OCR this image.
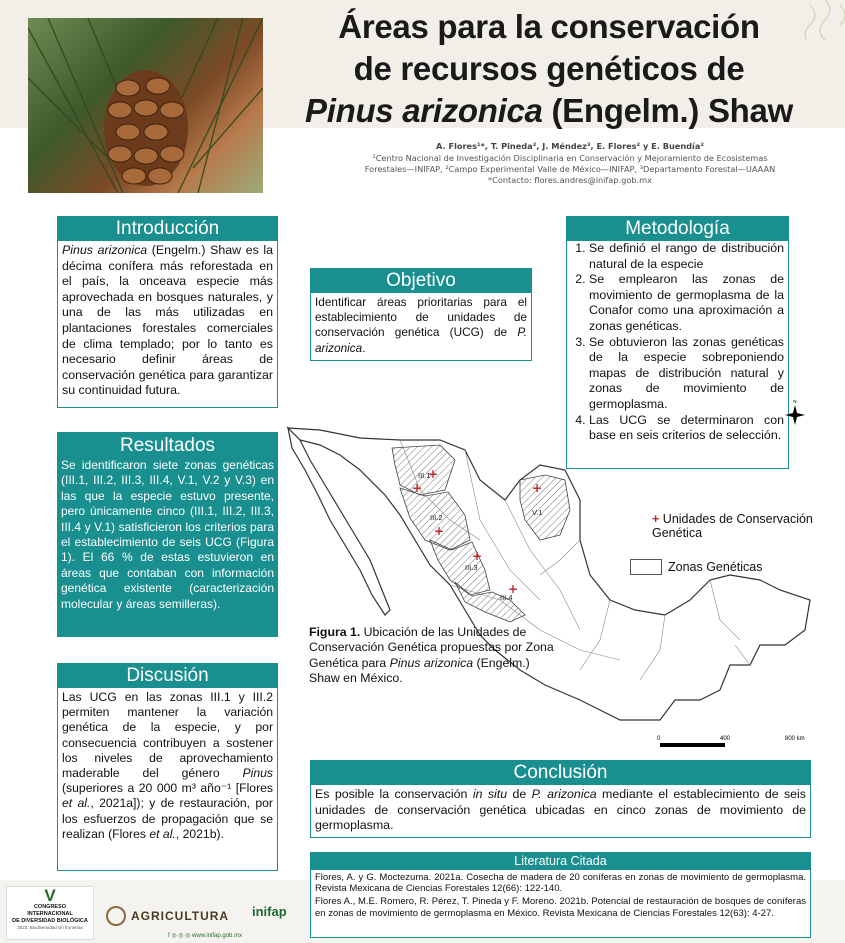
Áreas para la conservación
de recursos genéticos de
Pinus arizonica (Engelm.) Shaw
A. Flores¹*, T. Pineda², J. Méndez³, E. Flores² y E. Buendía²
¹Centro Nacional de Investigación Disciplinaria en Conservación y Mejoramiento de Ecosistemas
Forestales—INIFAP, ²Campo Experimental Valle de México—INIFAP, ³Departamento Forestal—UAAAN
*Contacto: flores.andres@inifap.gob.mx
Introducción
Pinus arizonica (Engelm.) Shaw es la décima conífera más reforestada en el país, la onceava especie más aprovechada en bosques naturales, y una de las más utilizadas en plantaciones forestales comerciales de clima templado; por lo tanto es necesario definir áreas de conservación genética para garantizar su continuidad futura.
Objetivo
Identificar áreas prioritarias para el establecimiento de unidades de conservación genética (UCG) de P. arizonica.
Metodología
1. Se definió el rango de distribución natural de la especie
2. Se emplearon las zonas de movimiento de germoplasma de la Conafor como una aproximación a zonas genéticas.
3. Se obtuvieron las zonas genéticas de la especie sobreponiendo mapas de distribución natural y zonas de movimiento de germoplasma.
4. Las UCG se determinaron con base en seis criterios de selección.
Resultados
Se identificaron siete zonas genéticas (III.1, III.2, III.3, III.4, V.1, V.2 y V.3) en las que la especie estuvo presente, pero únicamente cinco (III.1, III.2, III.3, III.4 y V.1) satisficieron los criterios para el establecimiento de seis UCG (Figura 1). El 66 % de estas estuvieron en áreas que contaban con información genética existente (caracterización molecular y áreas semilleras).
III.1
III.2
III.3
III.4
V.1
+
+
+
+
+
+
0	400	800 km
N
+ Unidades de Conservación Genética
Zonas Genéticas
Figura 1. Ubicación de las Unidades de Conservación Genética propuestas por Zona Genética para Pinus arizonica (Engelm.) Shaw en México.
Discusión
Las UCG en las zonas III.1 y III.2 permiten mantener la variación genética de la especie, y por consecuencia contribuyen a sostener los niveles de aprovechamiento maderable del género Pinus (superiores a 20 000 m³ año⁻¹ [Flores et al., 2021a]); y de restauración, por los esfuerzos de propagación que se realizan (Flores et al., 2021b).
Conclusión
Es posible la conservación in situ de P. arizonica mediante el establecimiento de seis unidades de conservación genética ubicadas en cinco zonas de movimiento de germoplasma.
Literatura Citada
Flores, A. y G. Moctezuma. 2021a. Cosecha de madera de 20 coníferas en zonas de movimiento de germoplasma. Revista Mexicana de Ciencias Forestales 12(66): 122-140.
Flores A., M.E. Romero, R. Pérez, T. Pineda y F. Moreno. 2021b. Potencial de restauración de bosques de coníferas en zonas de movimiento de germoplasma en México. Revista Mexicana de Ciencias Forestales 12(63): 4-27.
V
CONGRESO
INTERNACIONAL
DE DIVERSIDAD BIOLÓGICA
2023. Biodiversidad sin fronteras
AGRICULTURA inifap
f ◎ ◎ ◎ www.inifap.gob.mx
